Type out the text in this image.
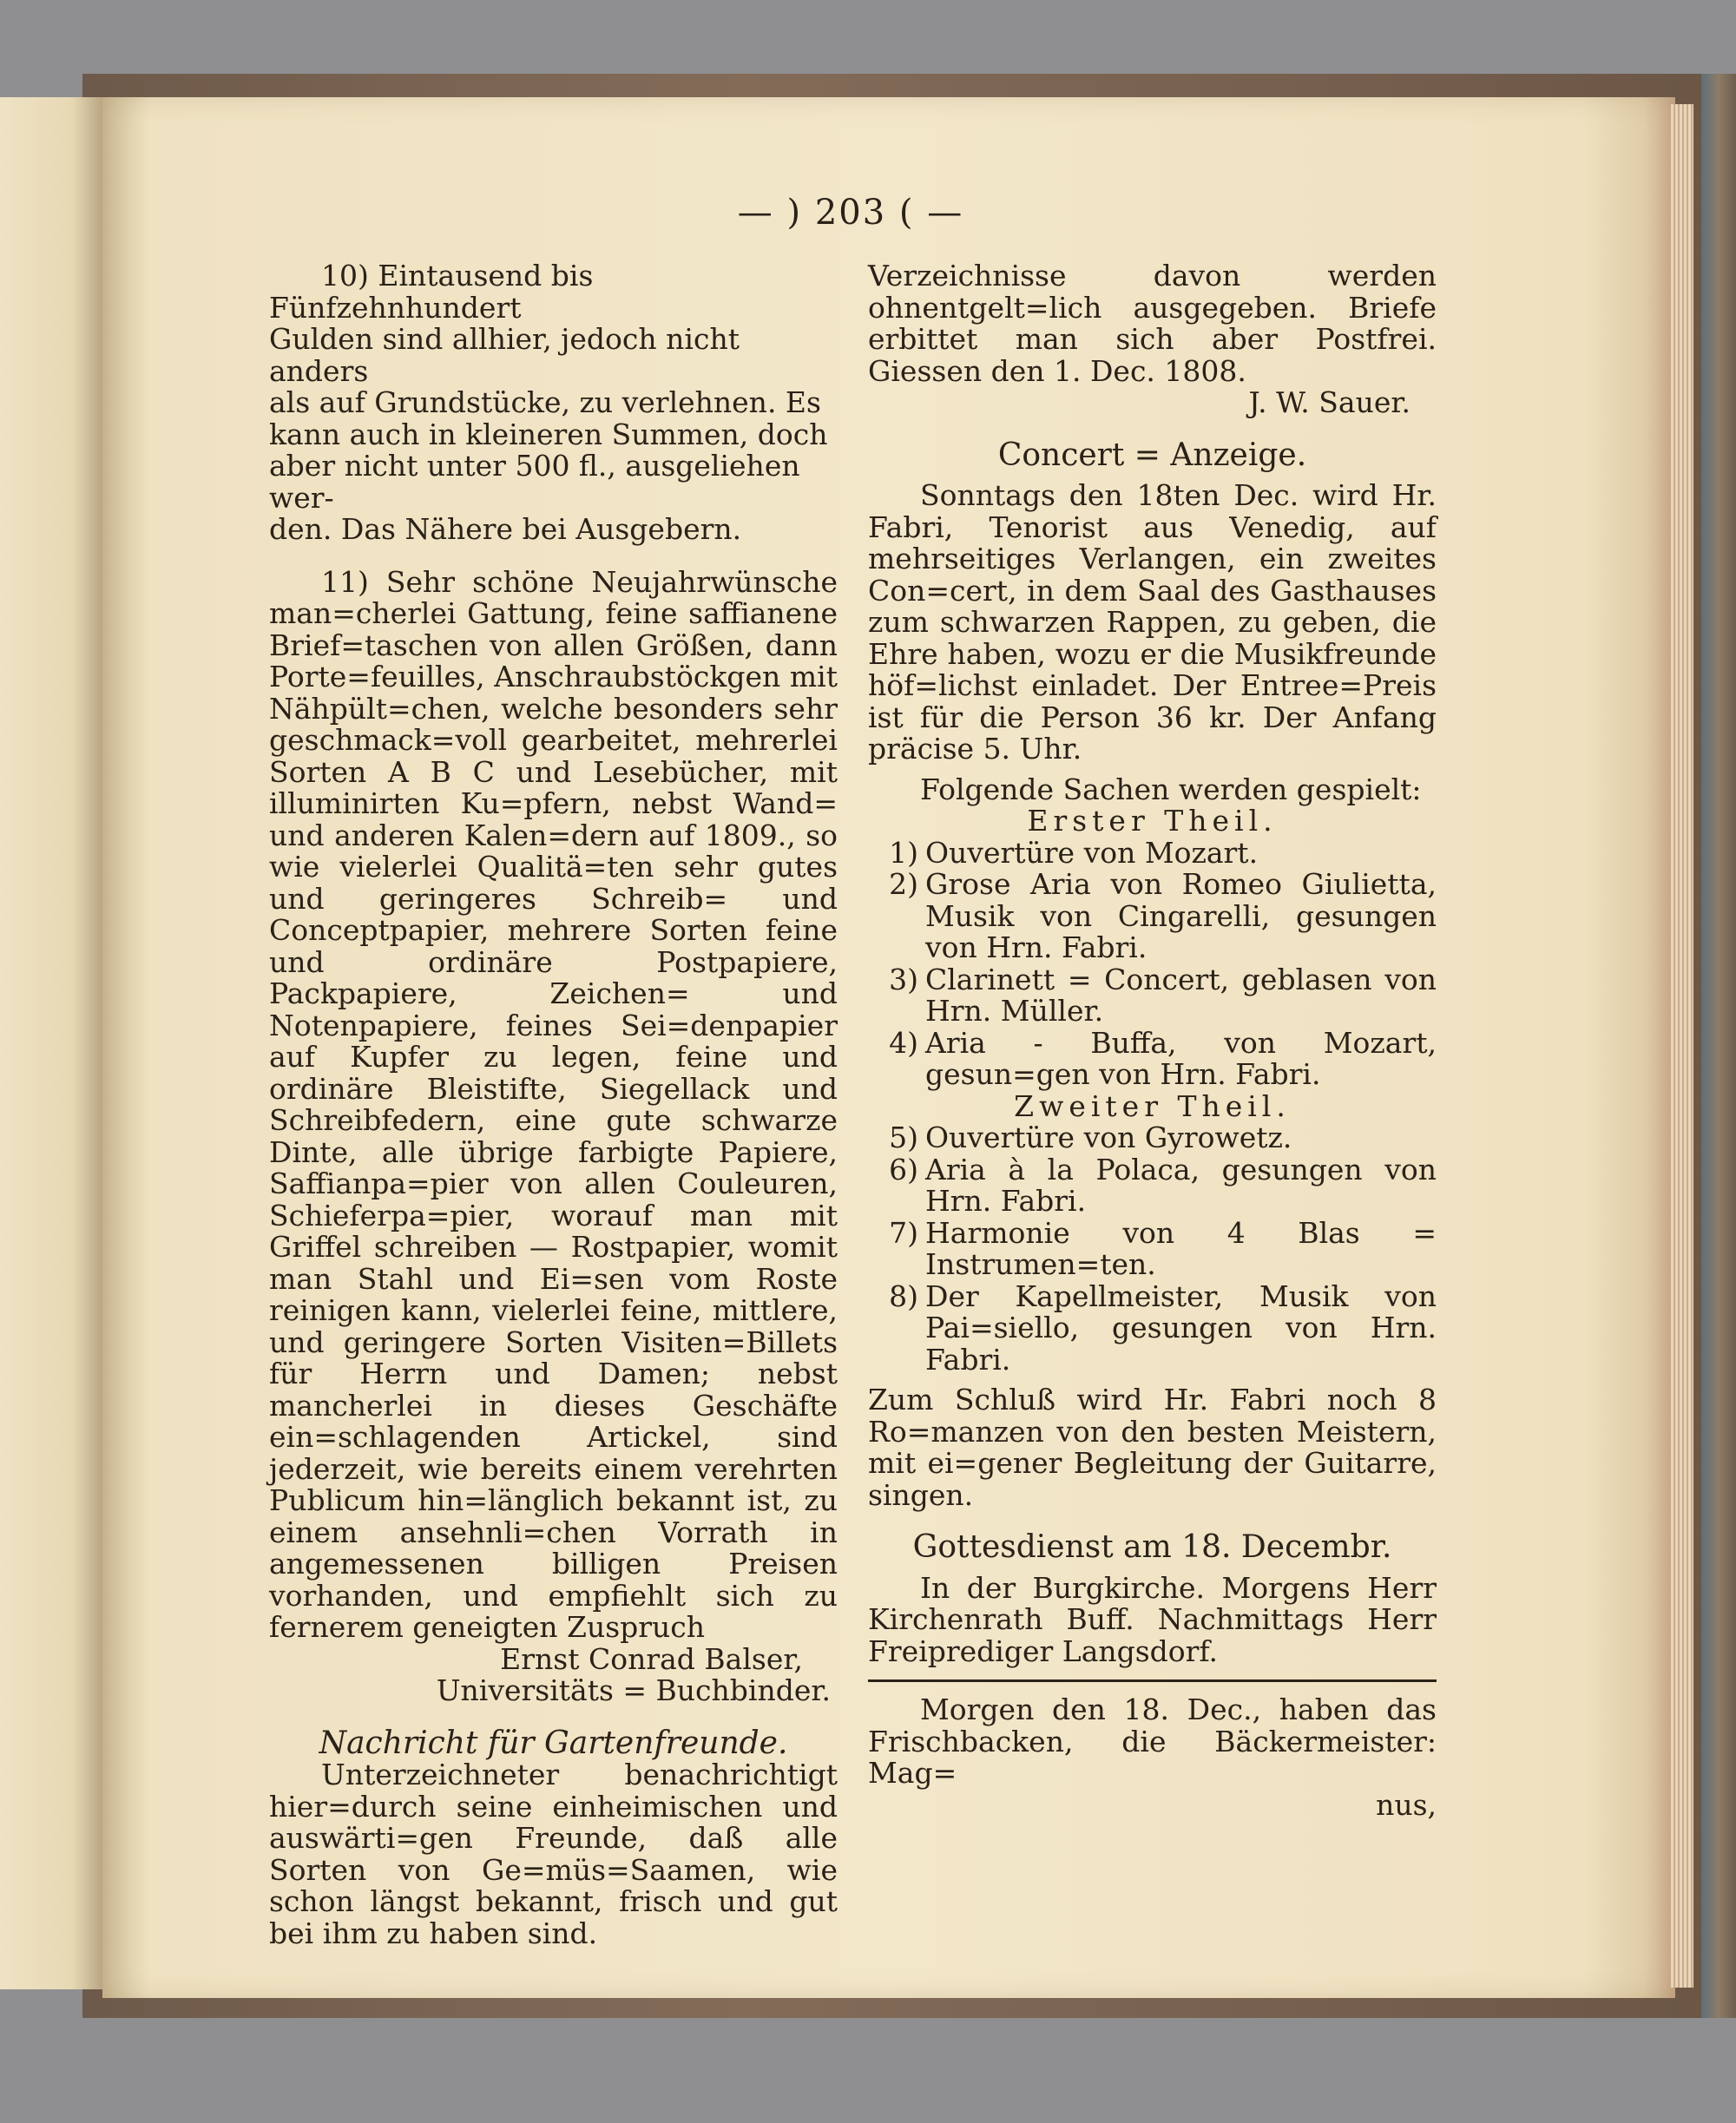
— ) 203 ( —
10) Eintausend bis Fünfzehnhundert
Gulden sind allhier, jedoch nicht anders
als auf Grundstücke, zu verlehnen. Es
kann auch in kleineren Summen, doch
aber nicht unter 500 fl., ausgeliehen wer-
den. Das Nähere bei Ausgebern.

11) Sehr schöne Neujahrwünsche man=cherlei Gattung, feine saffianene Brief=taschen von allen Größen, dann Porte=feuilles, Anschraubstöckgen mit Nähpült=chen, welche besonders sehr geschmack=voll gearbeitet, mehrerlei Sorten A B C und Lesebücher, mit illuminirten Ku=pfern, nebst Wand= und anderen Kalen=dern auf 1809., so wie vielerlei Qualitä=ten sehr gutes und geringeres Schreib= und Conceptpapier, mehrere Sorten feine und ordinäre Postpapiere, Packpapiere, Zeichen= und Notenpapiere, feines Sei=denpapier auf Kupfer zu legen, feine und ordinäre Bleistifte, Siegellack und Schreibfedern, eine gute schwarze Dinte, alle übrige farbigte Papiere, Saffianpa=pier von allen Couleuren, Schieferpa=pier, worauf man mit Griffel schreiben — Rostpapier, womit man Stahl und Ei=sen vom Roste reinigen kann, vielerlei feine, mittlere, und geringere Sorten Visiten=Billets für Herrn und Damen; nebst mancherlei in dieses Geschäfte ein=schlagenden Artickel, sind jederzeit, wie bereits einem verehrten Publicum hin=länglich bekannt ist, zu einem ansehnli=chen Vorrath in angemessenen billigen Preisen vorhanden, und empfiehlt sich zu fernerem geneigten Zuspruch

Ernst Conrad Balser,
Universitäts = Buchbinder.
Nachricht für Gartenfreunde.

Unterzeichneter benachrichtigt hier=durch seine einheimischen und auswärti=gen Freunde, daß alle Sorten von Ge=müs=Saamen, wie schon längst bekannt, frisch und gut bei ihm zu haben sind.

Verzeichnisse davon werden ohnentgelt=lich ausgegeben. Briefe erbittet man sich aber Postfrei. Giessen den 1. Dec. 1808.

J. W. Sauer.
Concert = Anzeige.

Sonntags den 18ten Dec. wird Hr. Fabri, Tenorist aus Venedig, auf mehrseitiges Verlangen, ein zweites Con=cert, in dem Saal des Gasthauses zum schwarzen Rappen, zu geben, die Ehre haben, wozu er die Musikfreunde höf=lichst einladet. Der Entree=Preis ist für die Person 36 kr. Der Anfang präcise 5. Uhr.

Folgende Sachen werden gespielt:
Erster Theil.
1) Ouvertüre von Mozart.
2) Grose Aria von Romeo Giulietta, Musik von Cingarelli, gesungen von Hrn. Fabri.
3) Clarinett = Concert, geblasen von Hrn. Müller.
4) Aria - Buffa, von Mozart, gesun=gen von Hrn. Fabri.
Zweiter Theil.
5) Ouvertüre von Gyrowetz.
6) Aria à la Polaca, gesungen von Hrn. Fabri.
7) Harmonie von 4 Blas = Instrumen=ten.
8) Der Kapellmeister, Musik von Pai=siello, gesungen von Hrn. Fabri.

Zum Schluß wird Hr. Fabri noch 8 Ro=manzen von den besten Meistern, mit ei=gener Begleitung der Guitarre, singen.

Gottesdienst am 18. Decembr.

In der Burgkirche. Morgens Herr Kirchenrath Buff. Nachmittags Herr Freiprediger Langsdorf.

Morgen den 18. Dec., haben das Frischbacken, die Bäckermeister: Mag=

nus,
